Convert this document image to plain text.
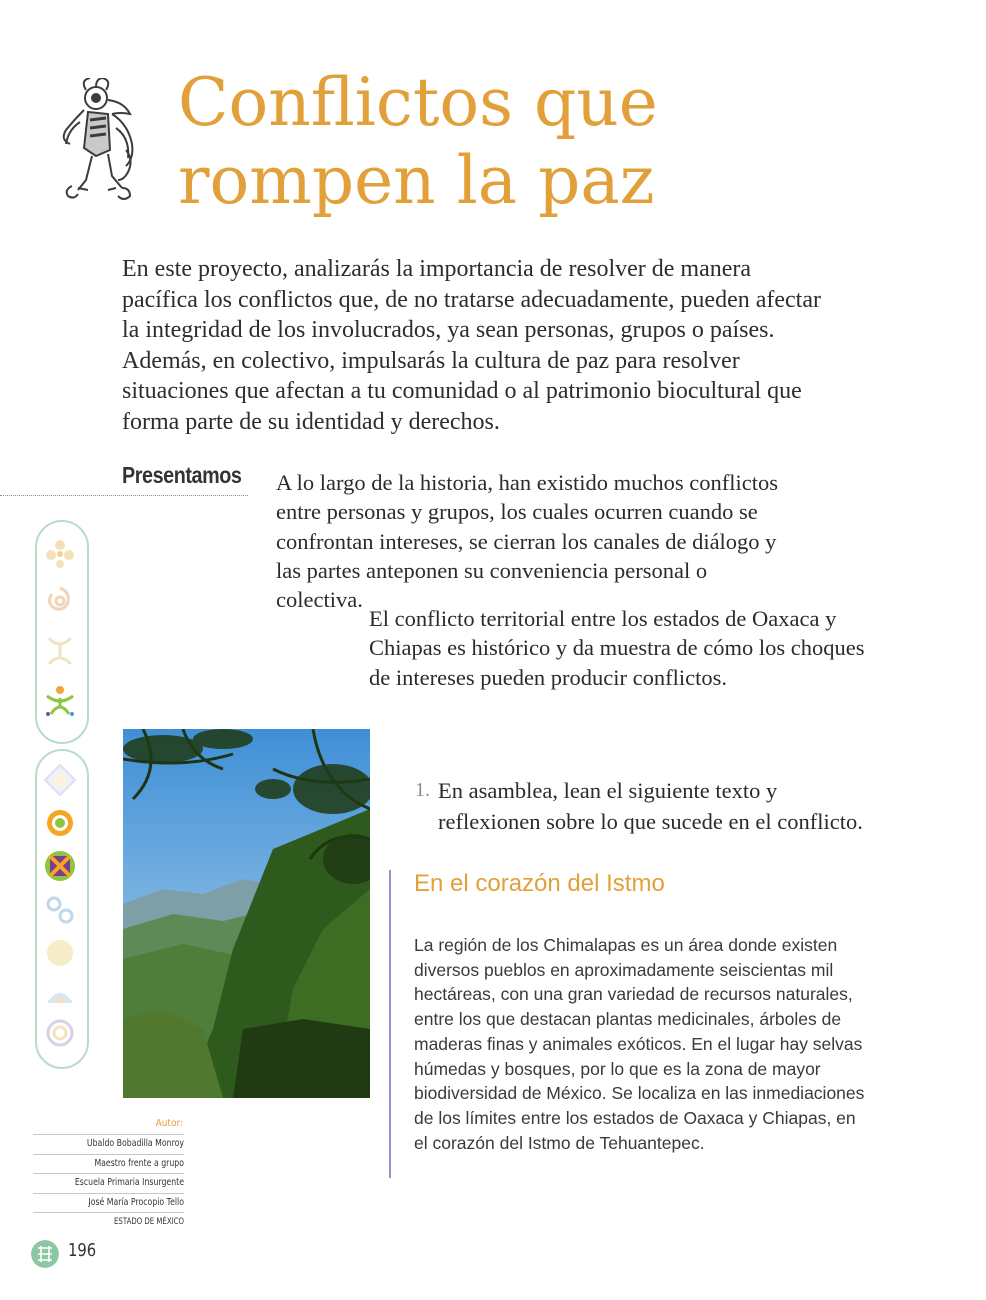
Conflictos que
rompen la paz

En este proyecto, analizarás la importancia de resolver de manera pacífica los conflictos que, de no tratarse adecuadamente, pueden afectar la integridad de los involucrados, ya sean personas, grupos o países. Además, en colectivo, impulsarás la cultura de paz para resolver situaciones que afectan a tu comunidad o al patrimonio biocultural que forma parte de su identidad y derechos.

Presentamos A lo largo de la historia, han existido muchos conflictos entre personas y grupos, los cuales ocurren cuando se confrontan intereses, se cierran los canales de diálogo y las partes anteponen su conveniencia personal o colectiva.

El conflicto territorial entre los estados de Oaxaca y Chiapas es histórico y da muestra de cómo los choques de intereses pueden producir conflictos.

1. En asamblea, lean el siguiente texto y reflexionen sobre lo que sucede en el conflicto.
En el corazón del Istmo

La región de los Chimalapas es un área donde existen diversos pueblos en aproximadamente seiscientas mil hectáreas, con una gran variedad de recursos naturales, entre los que destacan plantas medicinales, árboles de maderas finas y animales exóticos. En el lugar hay selvas húmedas y bosques, por lo que es la zona de mayor biodiversidad de México. Se localiza en las inmediaciones de los límites entre los estados de Oaxaca y Chiapas, en el corazón del Istmo de Tehuantepec.

Autor:
Ubaldo Bobadilla Monroy
Maestro frente a grupo
Escuela Primaria Insurgente
José María Procopio Tello
ESTADO DE MÉXICO
196
